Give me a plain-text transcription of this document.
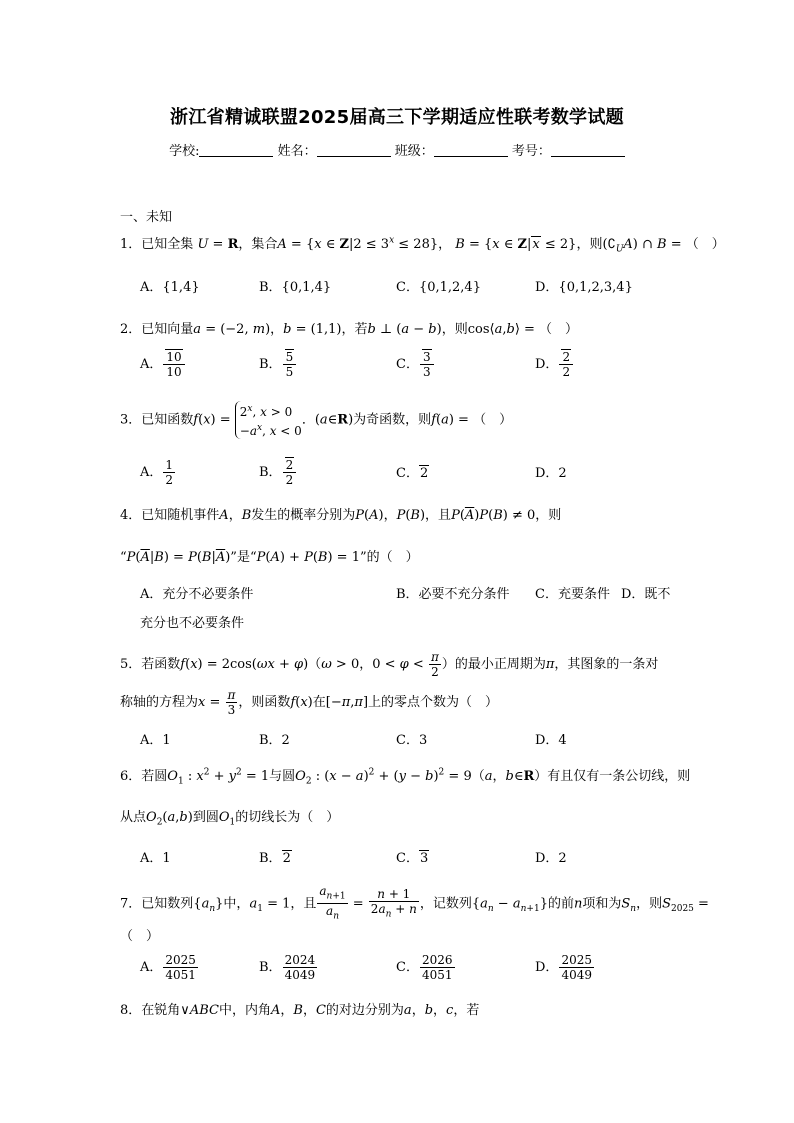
浙江省精诚联盟2025届高三下学期适应性联考数学试题
学校:	姓名：	班级：	考号：
一、未知
1．已知全集 U = R，集合A = {x ∈ $Z|2 \le 3^x \le 28$}， B = {x ∈ Z|x ≤ 2}，则$(∁_UA)$ ∩ B = （　）
A．{1,4}	B．{0,1,4}	C．{0,1,2,4}	D．{0,1,2,3,4}
2．已知向量a = (−2, m)，b = (1,1)，若b ⊥ (a − b)，则cos⟨a,b⟩ = （　）
A． $\frac{10}{10}$	B． $\frac{5}{5}$	C． $\frac{3}{3}$	D． $\frac{2}{2}$
3．已知函数$f(x) = 2^x$, x > 0
$-a^x$, x < 0．(a∈R)为奇函数，则f(a) = （　）
A． $\frac{1}{2}$	B． $\frac{2}{2}$	C．2	D．2
4．已知随机事件A，B发生的概率分别为P(A)，P(B)，且$P(\overline{A})P(B) \ne 0$，则
“$P(\overline{A}|B) = P(B|\overline{A})$”是“P(A) + P(B) = 1”的（　）
A．充分不必要条件	B．必要不充分条件 C．充要条件 D．既不
充分也不必要条件
5．若函数f(x) = 2cos(ωx + φ)（ω > 0，$0 < \varphi < \frac{\pi}{2}$ ）的最小正周期为π，其图象的一条对
称轴的方程为$x = \frac{\pi}{3}$ ，则函数f(x)在[−π,π]上的零点个数为（　）
A．1	B．2	C．3	D．4
6．若圆$O_1$ : $x^2 + y^2 = 1$与圆$O_2$ : $(x - a)^2 + (y - b)^2 = 9(a$，b∈R）有且仅有一条公切线，则
从点$O_2(a,b)$到圆$O_1$的切线长为（　）
A．1	B．2	C．3	D．2
7．已知数列$\{a_n\}$中，$a_1 = 1$，且 $\frac{a_{n+1}}{a_n} = \frac{n + 1}{2a_n + n}$ ，记数列$\{a_n - a_{n+1}\}$的前n项和为$S_n$，则$S_{2025}$ =
（　）
A． $\frac{2025}{4051}$	B． $\frac{2024}{4049}$	C． $\frac{2026}{4051}$	D． $\frac{2025}{4049}$
8．在锐角∨ABC中，内角A，B，C的对边分别为a，b，c，若
